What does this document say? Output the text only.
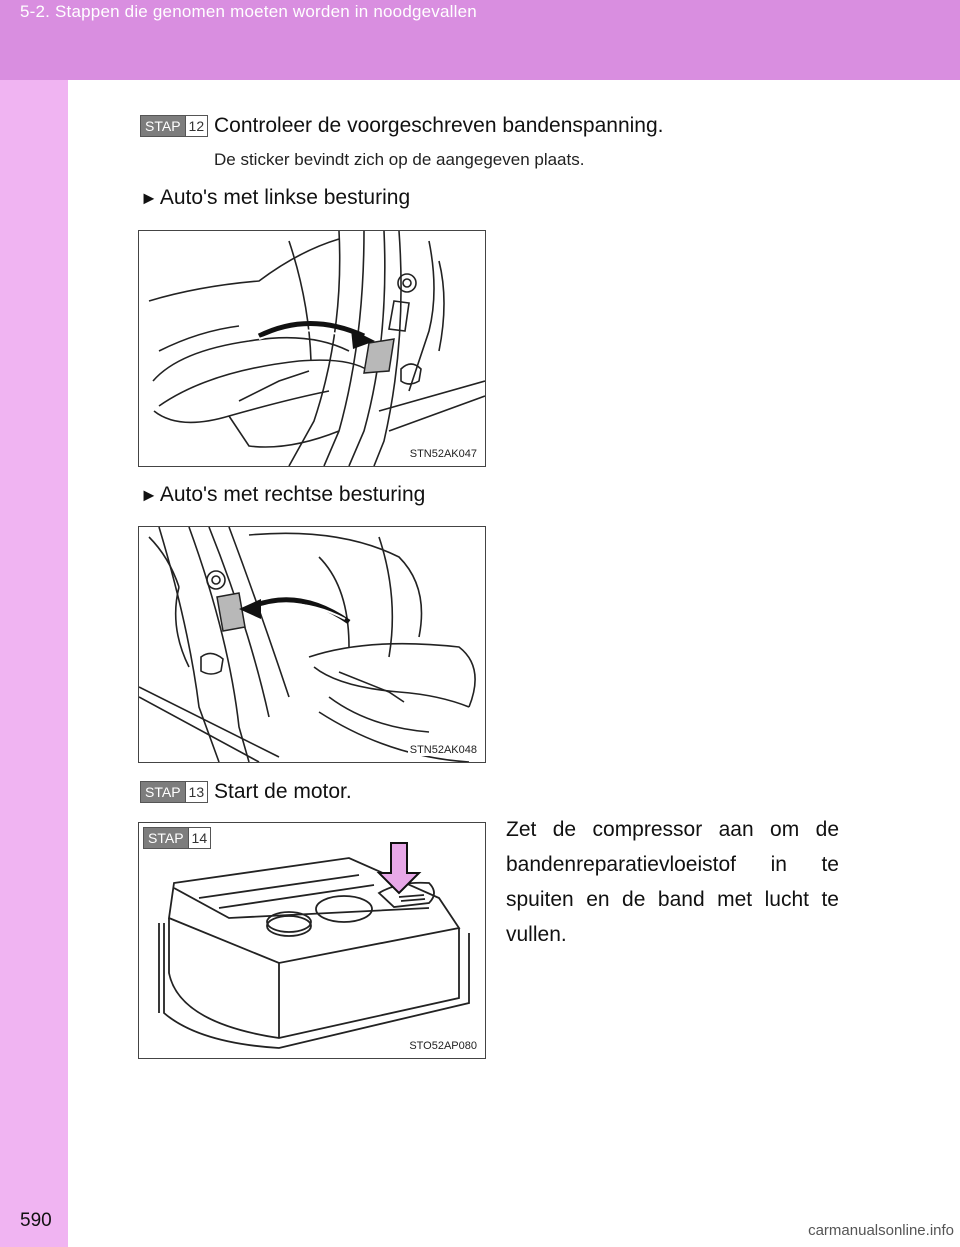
5-2. Stappen die genomen moeten worden in noodgevallen
STAP 12 Controleer de voorgeschreven bandenspanning.
De sticker bevindt zich op de aangegeven plaats.
►Auto's met linkse besturing
STN52AK047
►Auto's met rechtse besturing
STN52AK048
STAP 13 Start de motor.
STAP 14
STO52AP080
Zet de compressor aan om de bandenreparatievloeistof in te spuiten en de band met lucht te vullen.
590	carmanualsonline.info
